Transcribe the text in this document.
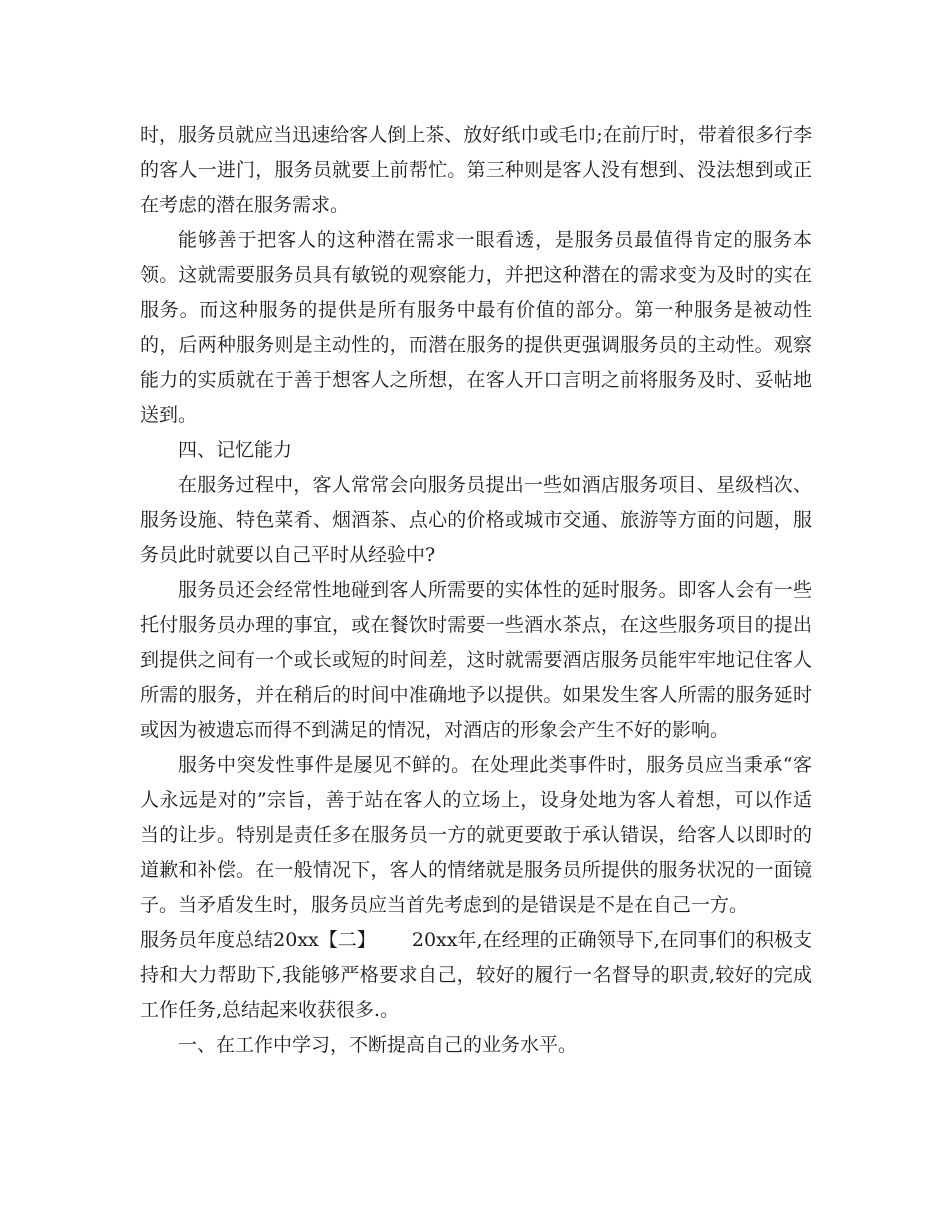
时，服务员就应当迅速给客人倒上茶、放好纸巾或毛巾;在前厅时，带着很多行李的客人一进门，服务员就要上前帮忙。第三种则是客人没有想到、没法想到或正在考虑的潜在服务需求。

能够善于把客人的这种潜在需求一眼看透，是服务员最值得肯定的服务本领。这就需要服务员具有敏锐的观察能力，并把这种潜在的需求变为及时的实在服务。而这种服务的提供是所有服务中最有价值的部分。第一种服务是被动性的，后两种服务则是主动性的，而潜在服务的提供更强调服务员的主动性。观察能力的实质就在于善于想客人之所想，在客人开口言明之前将服务及时、妥帖地送到。

四、记忆能力

在服务过程中，客人常常会向服务员提出一些如酒店服务项目、星级档次、服务设施、特色菜肴、烟酒茶、点心的价格或城市交通、旅游等方面的问题，服务员此时就要以自己平时从经验中?

服务员还会经常性地碰到客人所需要的实体性的延时服务。即客人会有一些托付服务员办理的事宜，或在餐饮时需要一些酒水茶点，在这些服务项目的提出到提供之间有一个或长或短的时间差，这时就需要酒店服务员能牢牢地记住客人所需的服务，并在稍后的时间中准确地予以提供。如果发生客人所需的服务延时或因为被遗忘而得不到满足的情况，对酒店的形象会产生不好的影响。

服务中突发性事件是屡见不鲜的。在处理此类事件时，服务员应当秉承“客人永远是对的”宗旨，善于站在客人的立场上，设身处地为客人着想，可以作适当的让步。特别是责任多在服务员一方的就更要敢于承认错误，给客人以即时的道歉和补偿。在一般情况下，客人的情绪就是服务员所提供的服务状况的一面镜子。当矛盾发生时，服务员应当首先考虑到的是错误是不是在自己一方。

服务员年度总结20xx【二】 20xx年,在经理的正确领导下,在同事们的积极支持和大力帮助下,我能够严格要求自己，较好的履行一名督导的职责,较好的完成工作任务,总结起来收获很多.。

一、在工作中学习，不断提高自己的业务水平。
